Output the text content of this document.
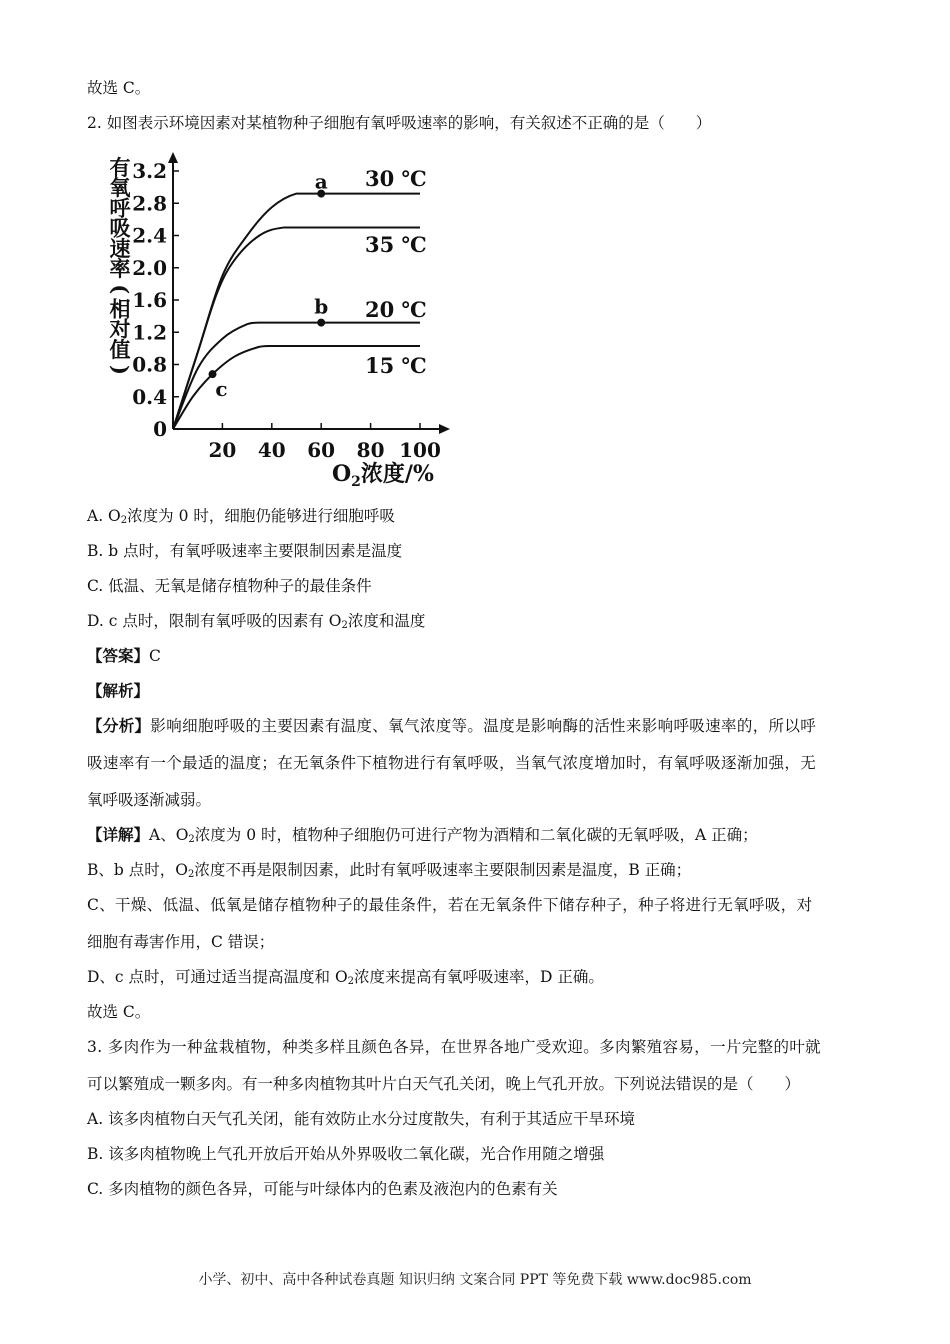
故选 C。
2. 如图表示环境因素对某植物种子细胞有氧呼吸速率的影响，有关叙述不正确的是（　　）
A. $O_2$浓度为 0 时，细胞仍能够进行细胞呼吸
B. b 点时，有氧呼吸速率主要限制因素是温度
C. 低温、无氧是储存植物种子的最佳条件
D. c 点时，限制有氧呼吸的因素有 $O_2$浓度和温度
【答案】C
【解析】
【分析】影响细胞呼吸的主要因素有温度、氧气浓度等。温度是影响酶的活性来影响呼吸速率的，所以呼
吸速率有一个最适的温度；在无氧条件下植物进行有氧呼吸，当氧气浓度增加时，有氧呼吸逐渐加强，无
氧呼吸逐渐减弱。
【详解】A、$O_2$浓度为 0 时，植物种子细胞仍可进行产物为酒精和二氧化碳的无氧呼吸，A 正确；
B、b 点时，$O_2$浓度不再是限制因素，此时有氧呼吸速率主要限制因素是温度，B 正确；
C、干燥、低温、低氧是储存植物种子的最佳条件，若在无氧条件下储存种子，种子将进行无氧呼吸，对
细胞有毒害作用，C 错误；
D、c 点时，可通过适当提高温度和 $O_2$浓度来提高有氧呼吸速率，D 正确。
故选 C。
3. 多肉作为一种盆栽植物，种类多样且颜色各异，在世界各地广受欢迎。多肉繁殖容易，一片完整的叶就
可以繁殖成一颗多肉。有一种多肉植物其叶片白天气孔关闭，晚上气孔开放。下列说法错误的是（　　）
A. 该多肉植物白天气孔关闭，能有效防止水分过度散失，有利于其适应干旱环境
B. 该多肉植物晚上气孔开放后开始从外界吸收二氧化碳，光合作用随之增强
C. 多肉植物的颜色各异，可能与叶绿体内的色素及液泡内的色素有关
0
0.4
0.8
1.2
1.6
2.0
2.4
2.8
3.2
20 40 60 80 100
有
氧
呼
吸
速
率
(
相
对
值
)
$O_2$浓度/%
30 ℃
35 ℃
20 ℃
15 ℃
a
b
c
小学、初中、高中各种试卷真题 知识归纳 文案合同 PPT 等免费下载 www.doc985.com
